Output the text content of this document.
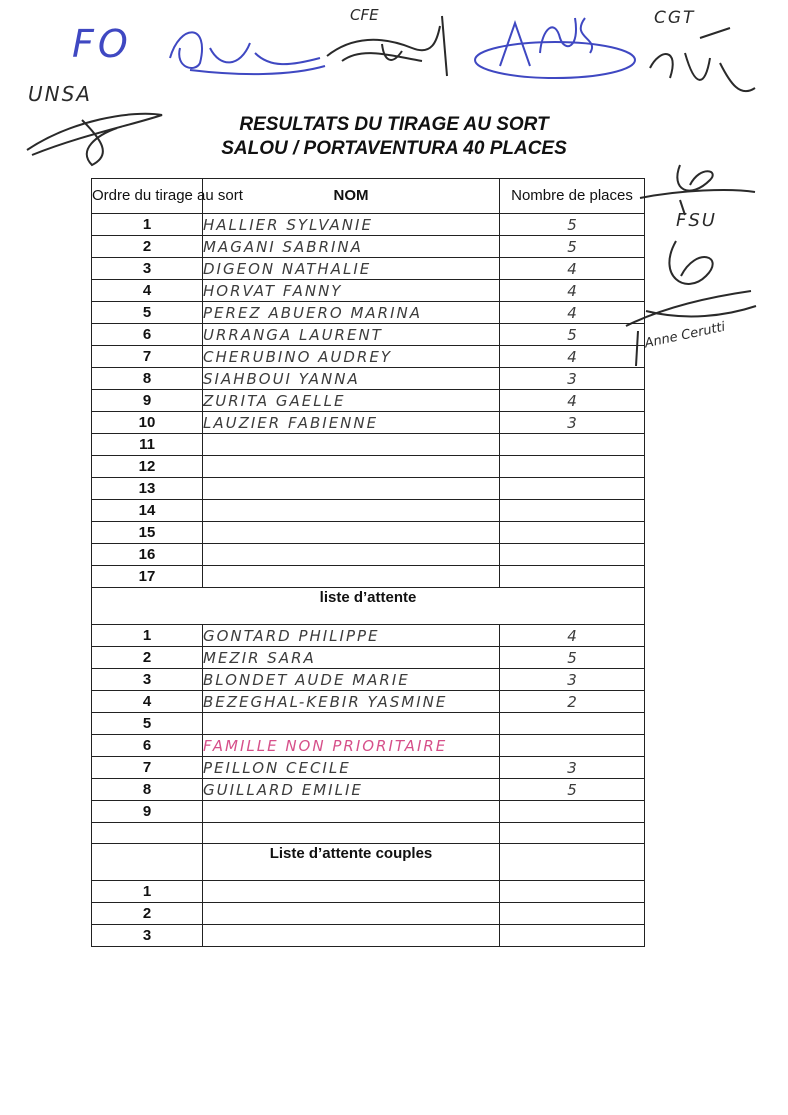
FO
CFE	CGT
UNSA
FSU
Anne Cerutti
RESULTATS DU TIRAGE AU SORT
SALOU / PORTAVENTURA 40 PLACES
Ordre du tirage au sort	NOM	Nombre de places
1	HALLIER SYLVANIE	5
2	MAGANI SABRINA	5
3	DIGEON NATHALIE	4
4	HORVAT FANNY	4
5	PEREZ ABUERO MARINA	4
6	URRANGA LAURENT	5
7	CHERUBINO AUDREY	4
8	SIAHBOUI YANNA	3
9	ZURITA GAELLE	4
10	LAUZIER FABIENNE	3
11		
12		
13		
14		
15		
16		
17		
liste d’attente		
1	GONTARD PHILIPPE	4
2	MEZIR SARA	5
3	BLONDET AUDE MARIE	3
4	BEZEGHAL-KEBIR YASMINE	2
5		
6	FAMILLE NON PRIORITAIRE	
7	PEILLON CECILE	3
8	GUILLARD EMILIE	5
9		

	Liste d’attente couples	
1		
2		
3		
